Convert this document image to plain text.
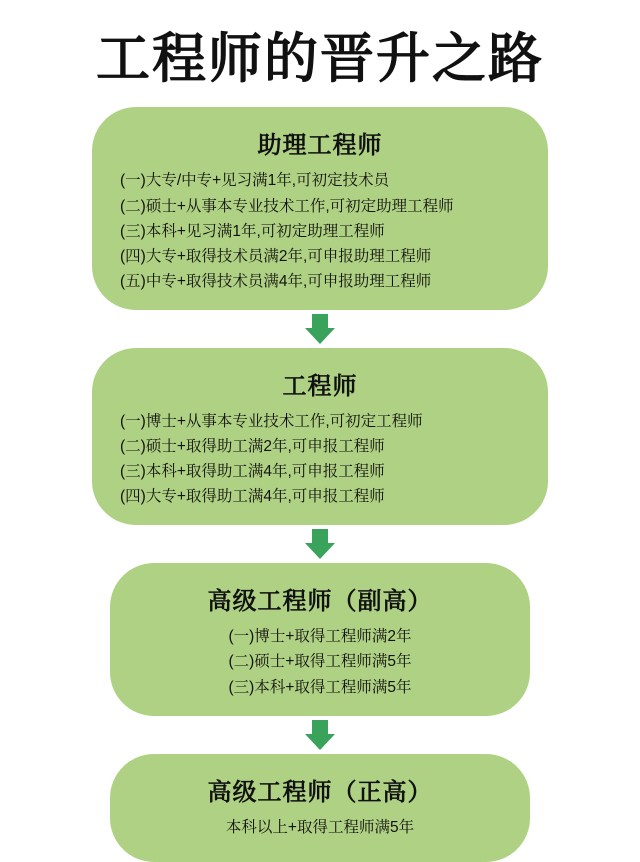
工程师的晋升之路
助理工程师
(一)大专/中专+见习满1年,可初定技术员
(二)硕士+从事本专业技术工作,可初定助理工程师
(三)本科+见习满1年,可初定助理工程师
(四)大专+取得技术员满2年,可申报助理工程师
(五)中专+取得技术员满4年,可申报助理工程师
工程师
(一)博士+从事本专业技术工作,可初定工程师
(二)硕士+取得助工满2年,可申报工程师
(三)本科+取得助工满4年,可申报工程师
(四)大专+取得助工满4年,可申报工程师
高级工程师（副高）
(一)博士+取得工程师满2年
(二)硕士+取得工程师满5年
(三)本科+取得工程师满5年
高级工程师（正高）
本科以上+取得工程师满5年
